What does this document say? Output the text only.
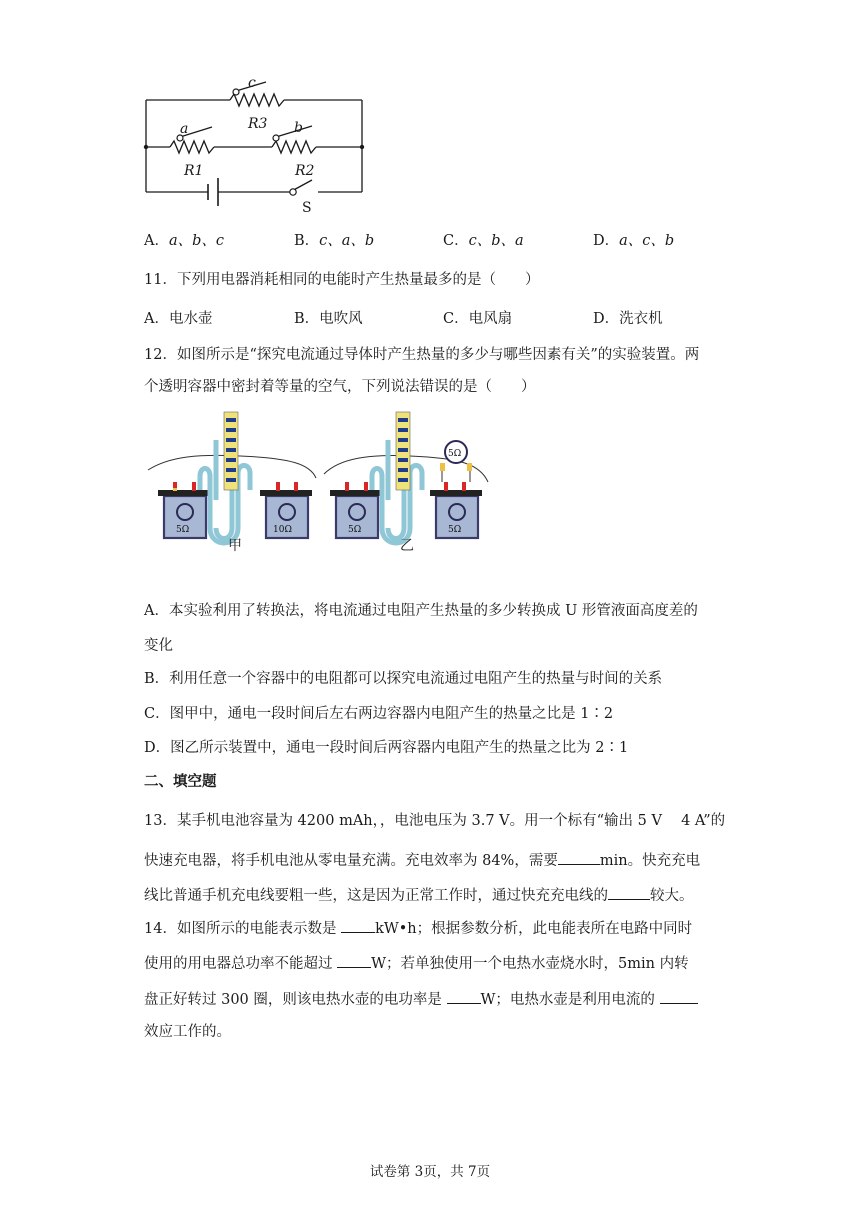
c
R3
a
R1
b
R2
S
A．a、b、c	B．c、a、b	C．c、b、a	D．a、c、b
11．下列用电器消耗相同的电能时产生热量最多的是（　　）
A．电水壶	B．电吹风	C．电风扇	D．洗衣机
12．如图所示是“探究电流通过导体时产生热量的多少与哪些因素有关”的实验装置。两
个透明容器中密封着等量的空气，下列说法错误的是（　　）
5Ω	10Ω
甲
5Ω	5Ω
5Ω
乙
A．本实验利用了转换法，将电流通过电阻产生热量的多少转换成 U 形管液面高度差的
变化
B．利用任意一个容器中的电阻都可以探究电流通过电阻产生的热量与时间的关系
C．图甲中，通电一段时间后左右两边容器内电阻产生的热量之比是 1∶2
D．图乙所示装置中，通电一段时间后两容器内电阻产生的热量之比为 2∶1
二、填空题
13．某手机电池容量为 4200 mAh，，电池电压为 3.7 V。用一个标有“输出 5 V　 4 A”的
快速充电器，将手机电池从零电量充满。充电效率为 84%，需要	min。快充充电
线比普通手机充电线要粗一些，这是因为正常工作时，通过快充充电线的	较大。
14．如图所示的电能表示数是 kW•h；根据参数分析，此电能表所在电路中同时
使用的用电器总功率不能超过 W；若单独使用一个电热水壶烧水时，5min 内转
盘正好转过 300 圈，则该电热水壶的电功率是 W；电热水壶是利用电流的
效应工作的。
试卷第 3页，共 7页
